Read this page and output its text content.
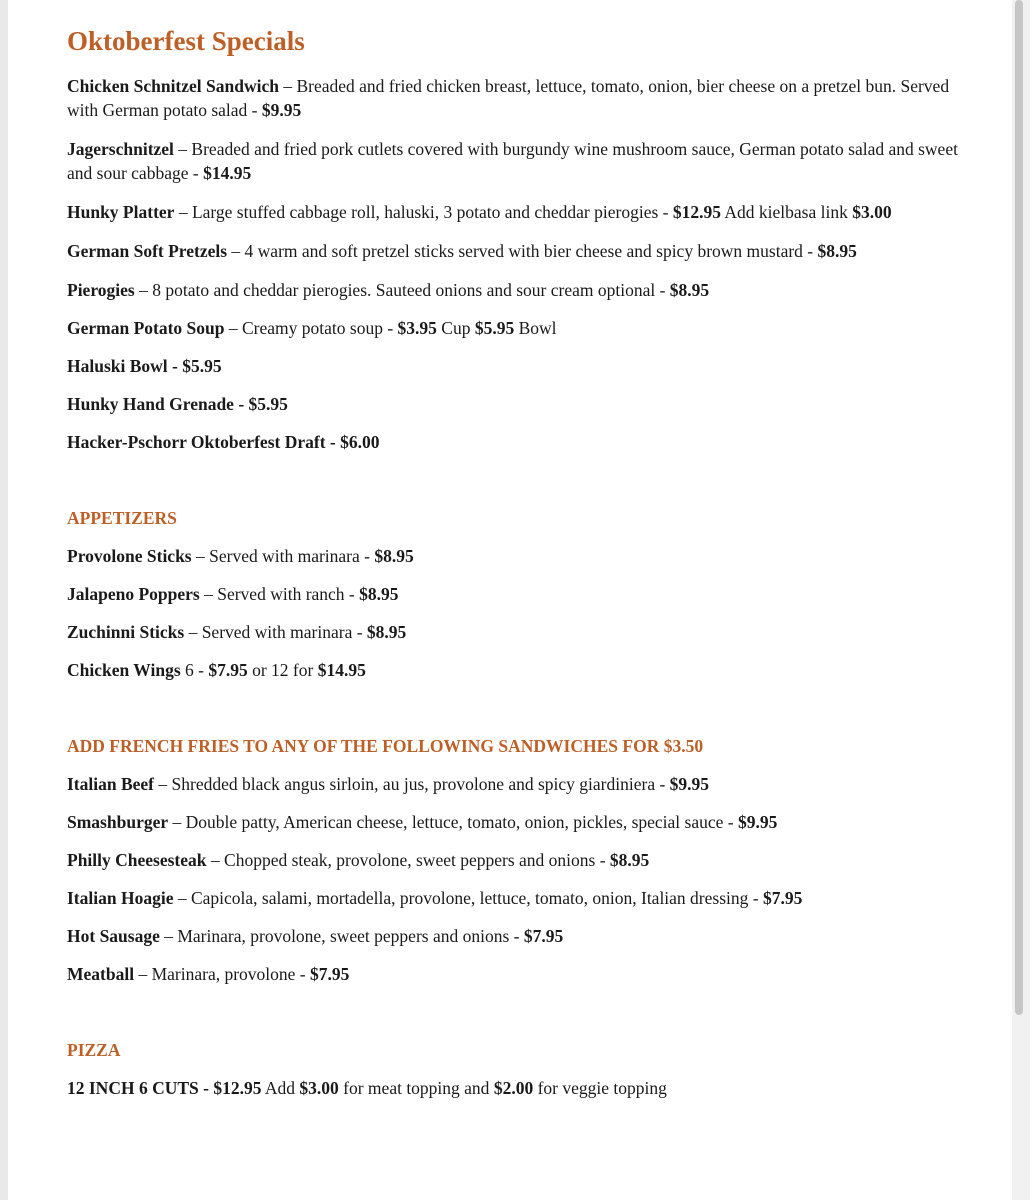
Oktoberfest Specials
Chicken Schnitzel Sandwich – Breaded and fried chicken breast, lettuce, tomato, onion, bier cheese on a pretzel bun. Served with German potato salad - $9.95
Jagerschnitzel – Breaded and fried pork cutlets covered with burgundy wine mushroom sauce, German potato salad and sweet and sour cabbage - $14.95
Hunky Platter – Large stuffed cabbage roll, haluski, 3 potato and cheddar pierogies - $12.95 Add kielbasa link $3.00
German Soft Pretzels – 4 warm and soft pretzel sticks served with bier cheese and spicy brown mustard - $8.95
Pierogies – 8 potato and cheddar pierogies. Sauteed onions and sour cream optional - $8.95
German Potato Soup – Creamy potato soup - $3.95 Cup $5.95 Bowl
Haluski Bowl - $5.95
Hunky Hand Grenade - $5.95
Hacker-Pschorr Oktoberfest Draft - $6.00
APPETIZERS
Provolone Sticks – Served with marinara - $8.95
Jalapeno Poppers – Served with ranch - $8.95
Zuchinni Sticks – Served with marinara - $8.95
Chicken Wings 6 - $7.95 or 12 for $14.95
ADD FRENCH FRIES TO ANY OF THE FOLLOWING SANDWICHES FOR $3.50
Italian Beef – Shredded black angus sirloin, au jus, provolone and spicy giardiniera - $9.95
Smashburger – Double patty, American cheese, lettuce, tomato, onion, pickles, special sauce - $9.95
Philly Cheesesteak – Chopped steak, provolone, sweet peppers and onions - $8.95
Italian Hoagie – Capicola, salami, mortadella, provolone, lettuce, tomato, onion, Italian dressing - $7.95
Hot Sausage – Marinara, provolone, sweet peppers and onions - $7.95
Meatball – Marinara, provolone - $7.95
PIZZA
12 INCH 6 CUTS - $12.95 Add $3.00 for meat topping and $2.00 for veggie topping
